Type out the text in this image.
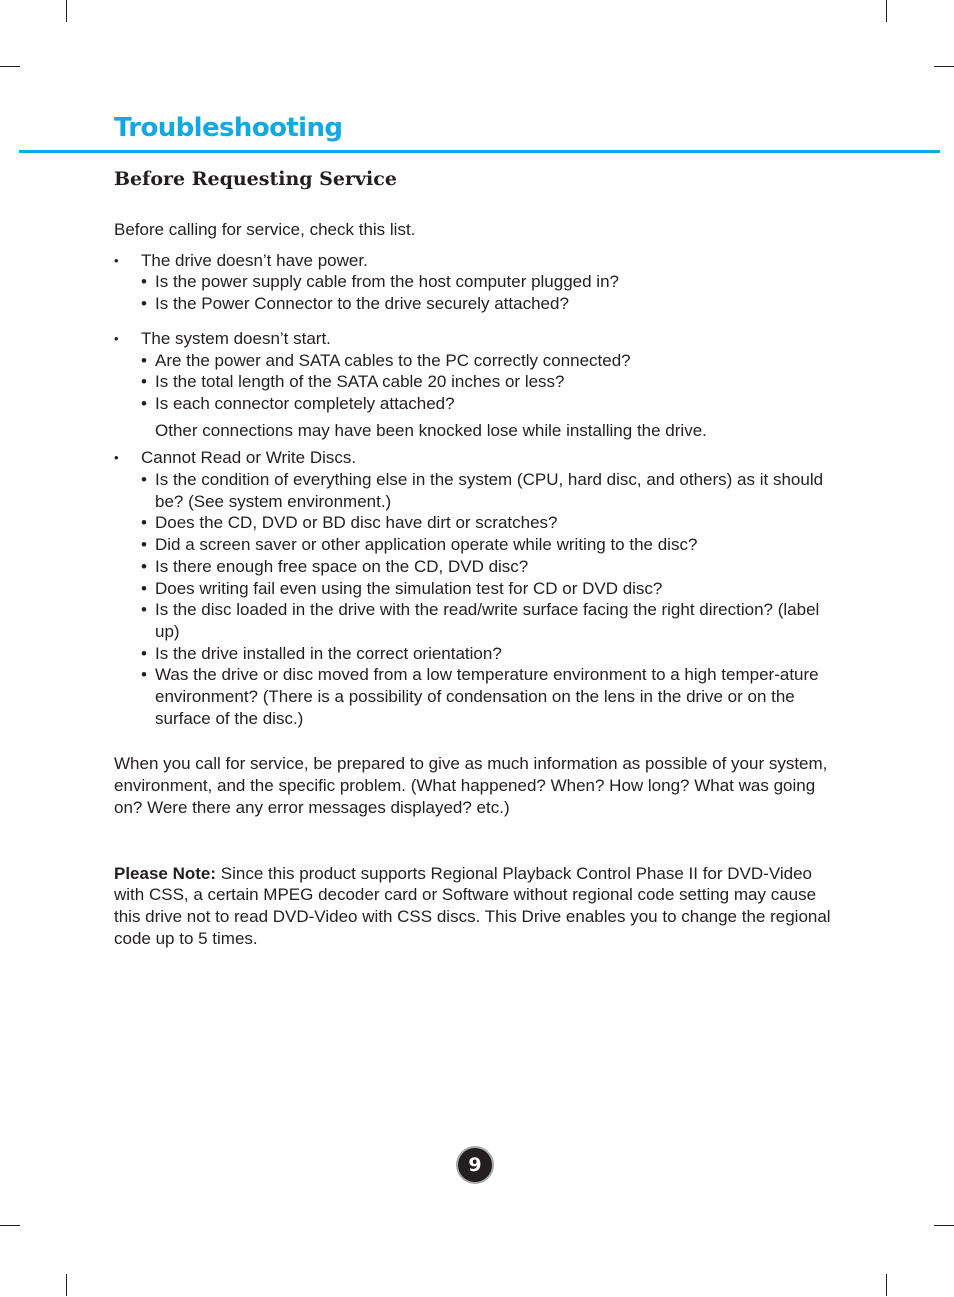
Troubleshooting
Before Requesting Service

Before calling for service, check this list.

• The drive doesn’t have power.
• Is the power supply cable from the host computer plugged in?
• Is the Power Connector to the drive securely attached?
• The system doesn’t start.
• Are the power and SATA cables to the PC correctly connected?
• Is the total length of the SATA cable 20 inches or less?
• Is each connector completely attached?
Other connections may have been knocked lose while installing the drive.
• Cannot Read or Write Discs.
• Is the condition of everything else in the system (CPU, hard disc, and others) as it should be? (See system environment.)
• Does the CD, DVD or BD disc have dirt or scratches?
• Did a screen saver or other application operate while writing to the disc?
• Is there enough free space on the CD, DVD disc?
• Does writing fail even using the simulation test for CD or DVD disc?
• Is the disc loaded in the drive with the read/write surface facing the right direction? (label up)
• Is the drive installed in the correct orientation?
• Was the drive or disc moved from a low temperature environment to a high temper-ature environment? (There is a possibility of condensation on the lens in the drive or on the surface of the disc.)

When you call for service, be prepared to give as much information as possible of your system, environment, and the specific problem. (What happened? When? How long? What was going on? Were there any error messages displayed? etc.)

Please Note: Since this product supports Regional Playback Control Phase II for DVD-Video with CSS, a certain MPEG decoder card or Software without regional code setting may cause this drive not to read DVD-Video with CSS discs. This Drive enables you to change the regional code up to 5 times.

9
